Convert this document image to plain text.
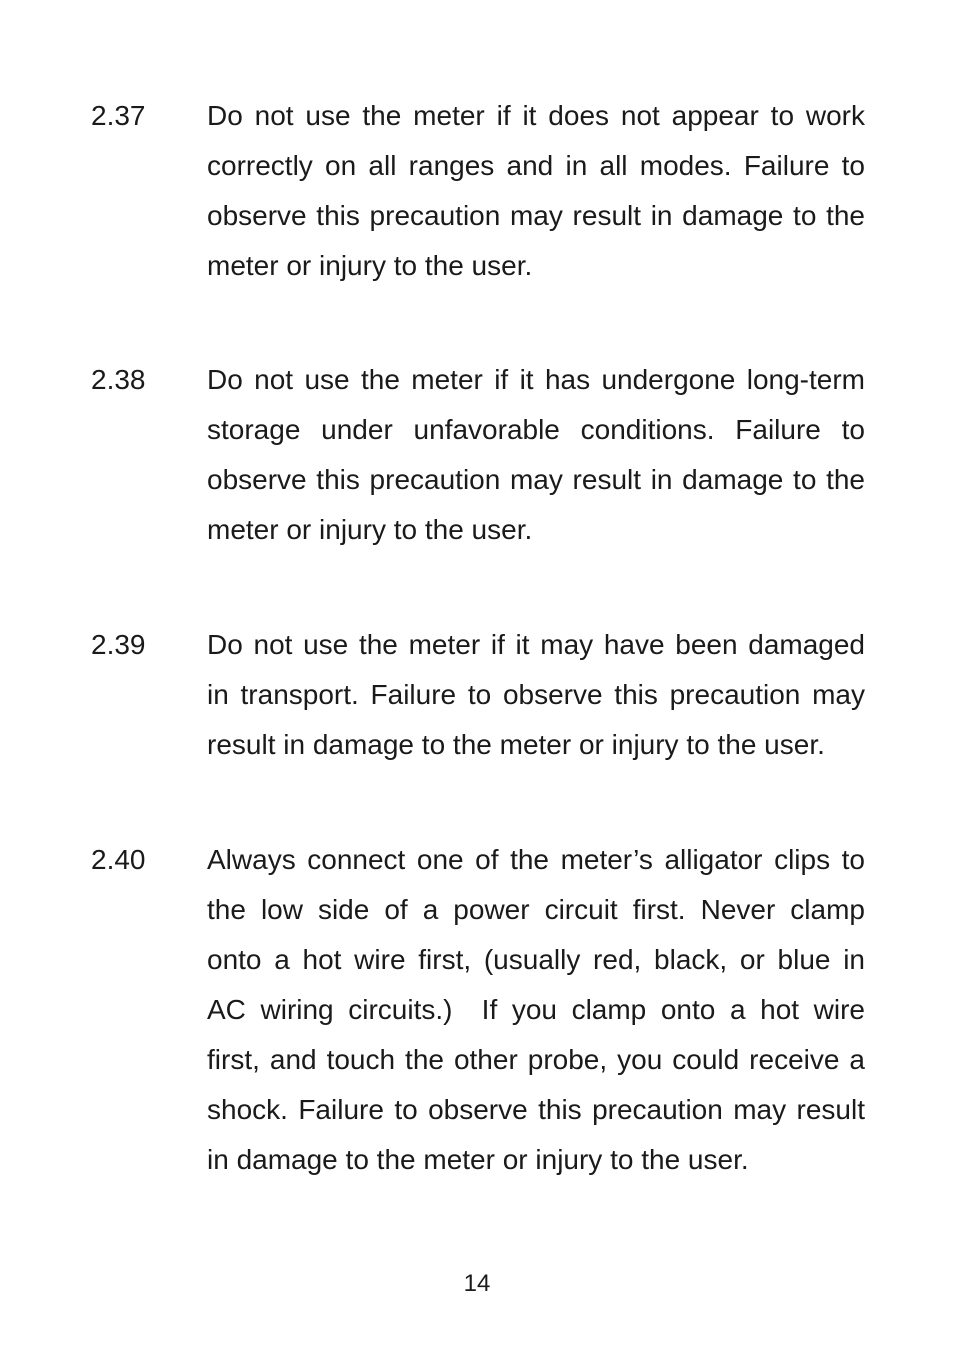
2.37 Do not use the meter if it does not appear to work
correctly on all ranges and in all modes. Failure to
observe this precaution may result in damage to the
meter or injury to the user.
2.38 Do not use the meter if it has undergone long-term
storage under unfavorable conditions. Failure to
observe this precaution may result in damage to the
meter or injury to the user.
2.39 Do not use the meter if it may have been damaged
in transport. Failure to observe this precaution may
result in damage to the meter or injury to the user.
2.40 Always connect one of the meter’s alligator clips to
the low side of a power circuit first. Never clamp
onto a hot wire first, (usually red, black, or blue in
AC wiring circuits.)  If you clamp onto a hot wire
first, and touch the other probe, you could receive a
shock. Failure to observe this precaution may result
in damage to the meter or injury to the user.
14
